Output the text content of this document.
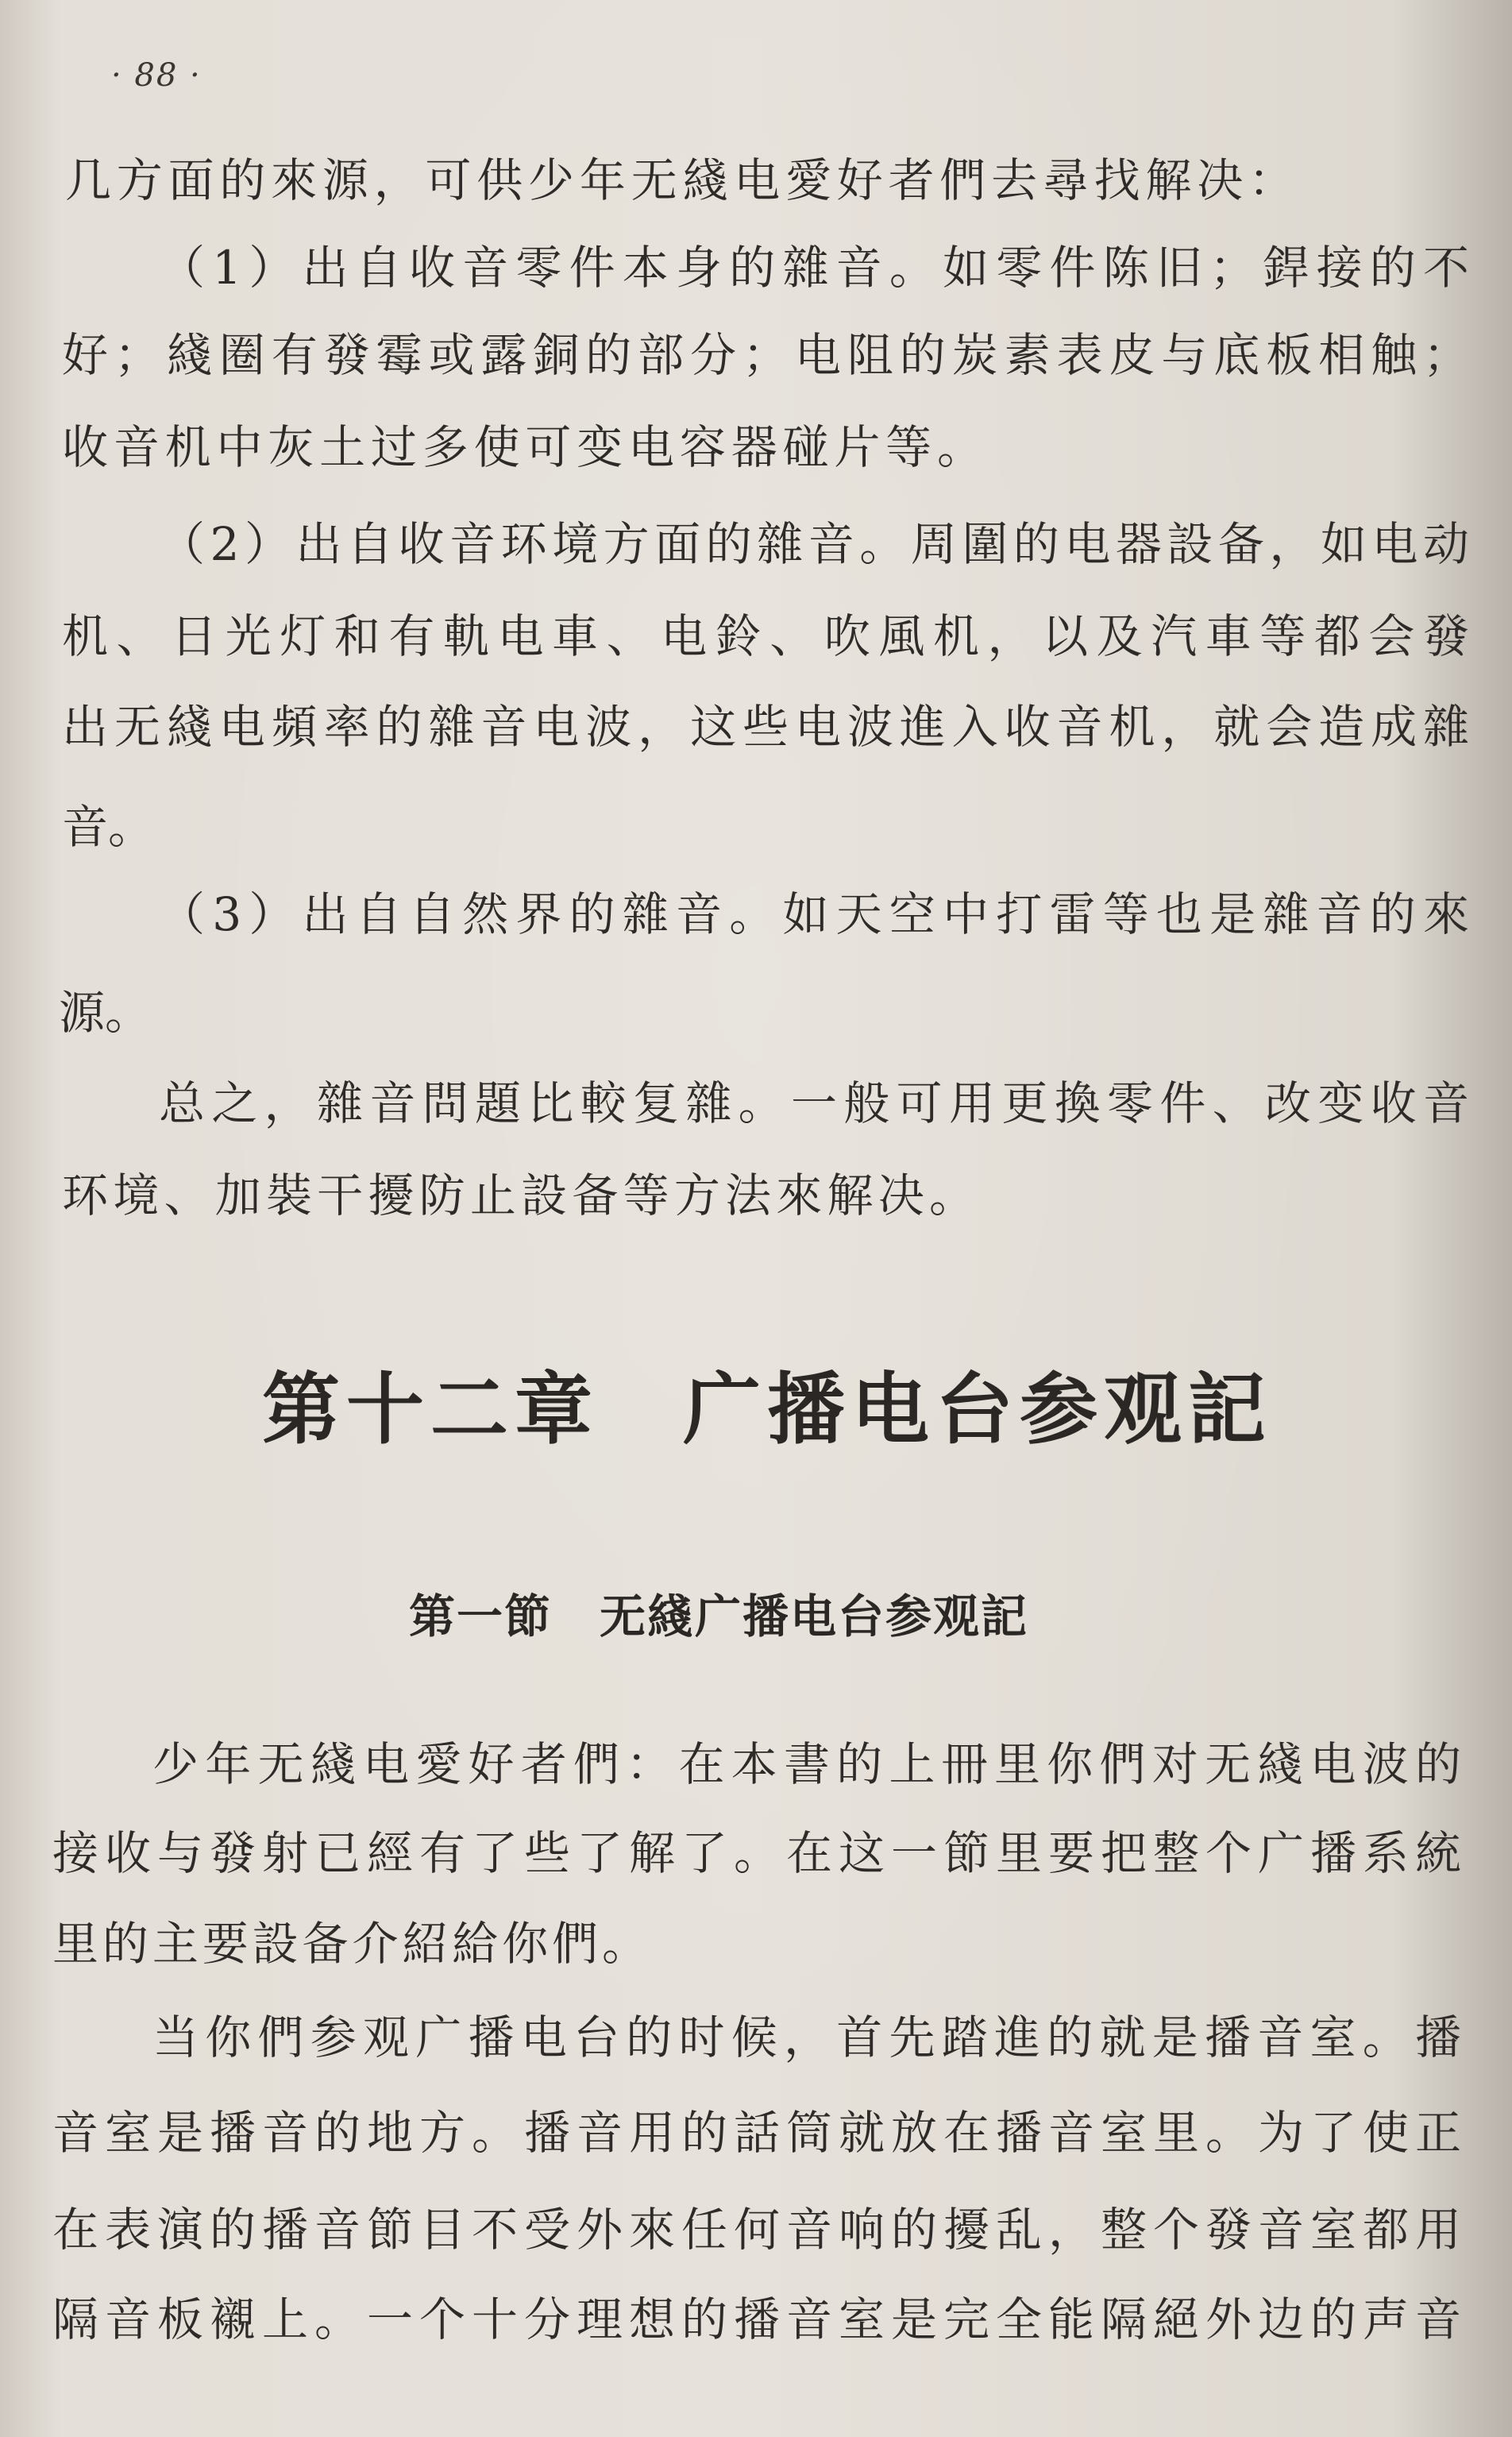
· 88 ·
几方面的來源，可供少年无綫电愛好者們去尋找解决：
（1）出自收音零件本身的雜音。如零件陈旧；銲接的不
好；綫圈有發霉或露銅的部分；电阻的炭素表皮与底板相触；
收音机中灰土过多使可变电容器碰片等。
（2）出自收音环境方面的雜音。周圍的电器設备，如电动
机、日光灯和有軌电車、电鈴、吹風机，以及汽車等都会發
出无綫电頻率的雜音电波，这些电波進入收音机，就会造成雜
音。
（3）出自自然界的雜音。如天空中打雷等也是雜音的來
源。
总之，雜音問題比較复雜。一般可用更換零件、改变收音
环境、加裝干擾防止設备等方法來解决。
第十二章　广播电台参观記
第一節　无綫广播电台参观記
少年无綫电愛好者們：在本書的上冊里你們对无綫电波的
接收与發射已經有了些了解了。在这一節里要把整个广播系統
里的主要設备介紹給你們。
当你們参观广播电台的时候，首先踏進的就是播音室。播
音室是播音的地方。播音用的話筒就放在播音室里。为了使正
在表演的播音節目不受外來任何音响的擾乱，整个發音室都用
隔音板襯上。一个十分理想的播音室是完全能隔絕外边的声音
